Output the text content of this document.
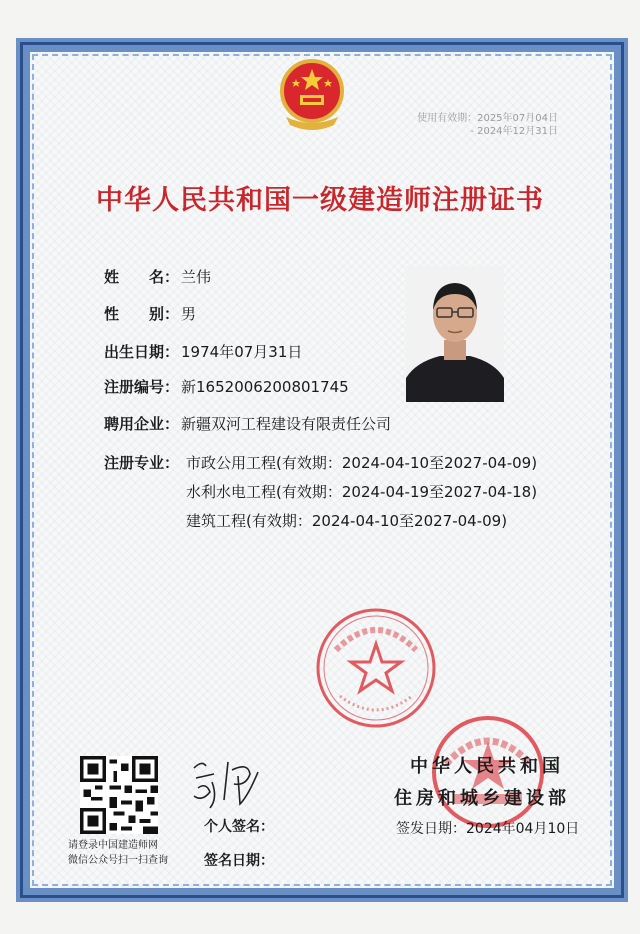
使用有效期：2025年07月04日
- 2024年12月31日
中华人民共和国一级建造师注册证书
姓　　名： 兰伟
性　　别： 男
出生日期： 1974年07月31日
注册编号： 新1652006200801745
聘用企业： 新疆双河工程建设有限责任公司
注册专业： 市政公用工程(有效期：2024-04-10至2027-04-09)
水利水电工程(有效期：2024-04-19至2027-04-18)
建筑工程(有效期：2024-04-10至2027-04-09)
请登录中国建造师网
微信公众号扫一扫查询
个人签名：
签名日期：
中华人民共和国
住房和城乡建设部
签发日期：2024年04月10日
